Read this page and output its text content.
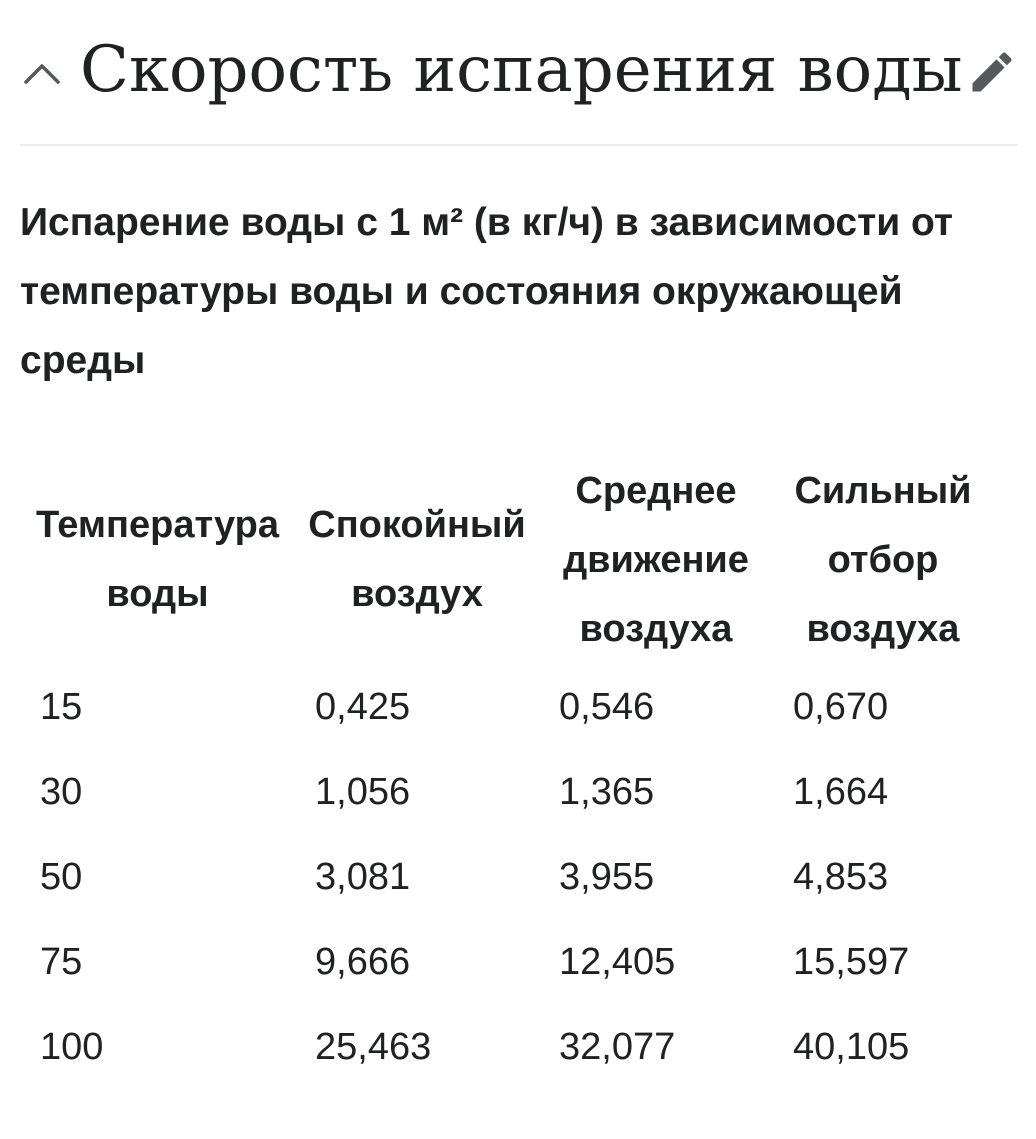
Скорость испарения воды

Испарение воды с 1 м² (в кг/ч) в зависимости от температуры воды и состояния окружающей среды

Температура воды	Спокойный воздух	Среднее движение воздуха	Сильный отбор воздуха
15	0,425	0,546	0,670
30	1,056	1,365	1,664
50	3,081	3,955	4,853
75	9,666	12,405	15,597
100	25,463	32,077	40,105
